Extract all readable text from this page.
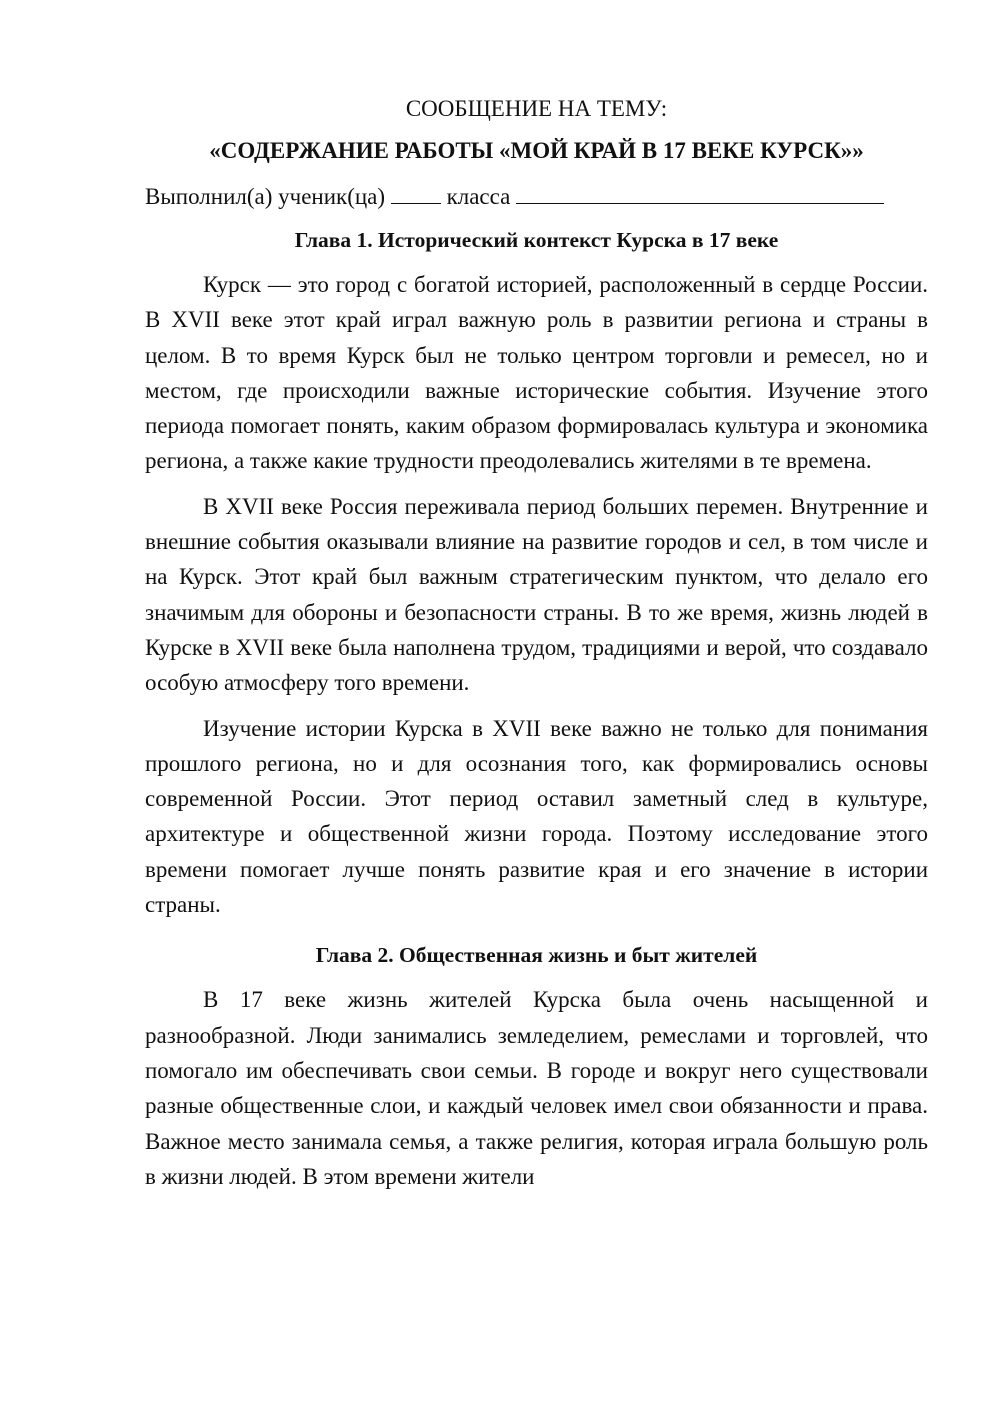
СООБЩЕНИЕ НА ТЕМУ:
«СОДЕРЖАНИЕ РАБОТЫ «МОЙ КРАЙ В 17 ВЕКЕ КУРСК»»
Выполнил(а) ученик(ца)	класса
Глава 1. Исторический контекст Курска в 17 веке

Курск — это город с богатой историей, расположенный в сердце России. В XVII веке этот край играл важную роль в развитии региона и страны в целом. В то время Курск был не только центром торговли и ремесел, но и местом, где происходили важные исторические события. Изучение этого периода помогает понять, каким образом формировалась культура и экономика региона, а также какие трудности преодолевались жителями в те времена.

В XVII веке Россия переживала период больших перемен. Внутренние и внешние события оказывали влияние на развитие городов и сел, в том числе и на Курск. Этот край был важным стратегическим пунктом, что делало его значимым для обороны и безопасности страны. В то же время, жизнь людей в Курске в XVII веке была наполнена трудом, традициями и верой, что создавало особую атмосферу того времени.

Изучение истории Курска в XVII веке важно не только для понимания прошлого региона, но и для осознания того, как формировались основы современной России. Этот период оставил заметный след в культуре, архитектуре и общественной жизни города. Поэтому исследование этого времени помогает лучше понять развитие края и его значение в истории страны.

Глава 2. Общественная жизнь и быт жителей

В 17 веке жизнь жителей Курска была очень насыщенной и разнообразной. Люди занимались земледелием, ремеслами и торговлей, что помогало им обеспечивать свои семьи. В городе и вокруг него существовали разные общественные слои, и каждый человек имел свои обязанности и права. Важное место занимала семья, а также религия, которая играла большую роль в жизни людей. В этом времени жители
